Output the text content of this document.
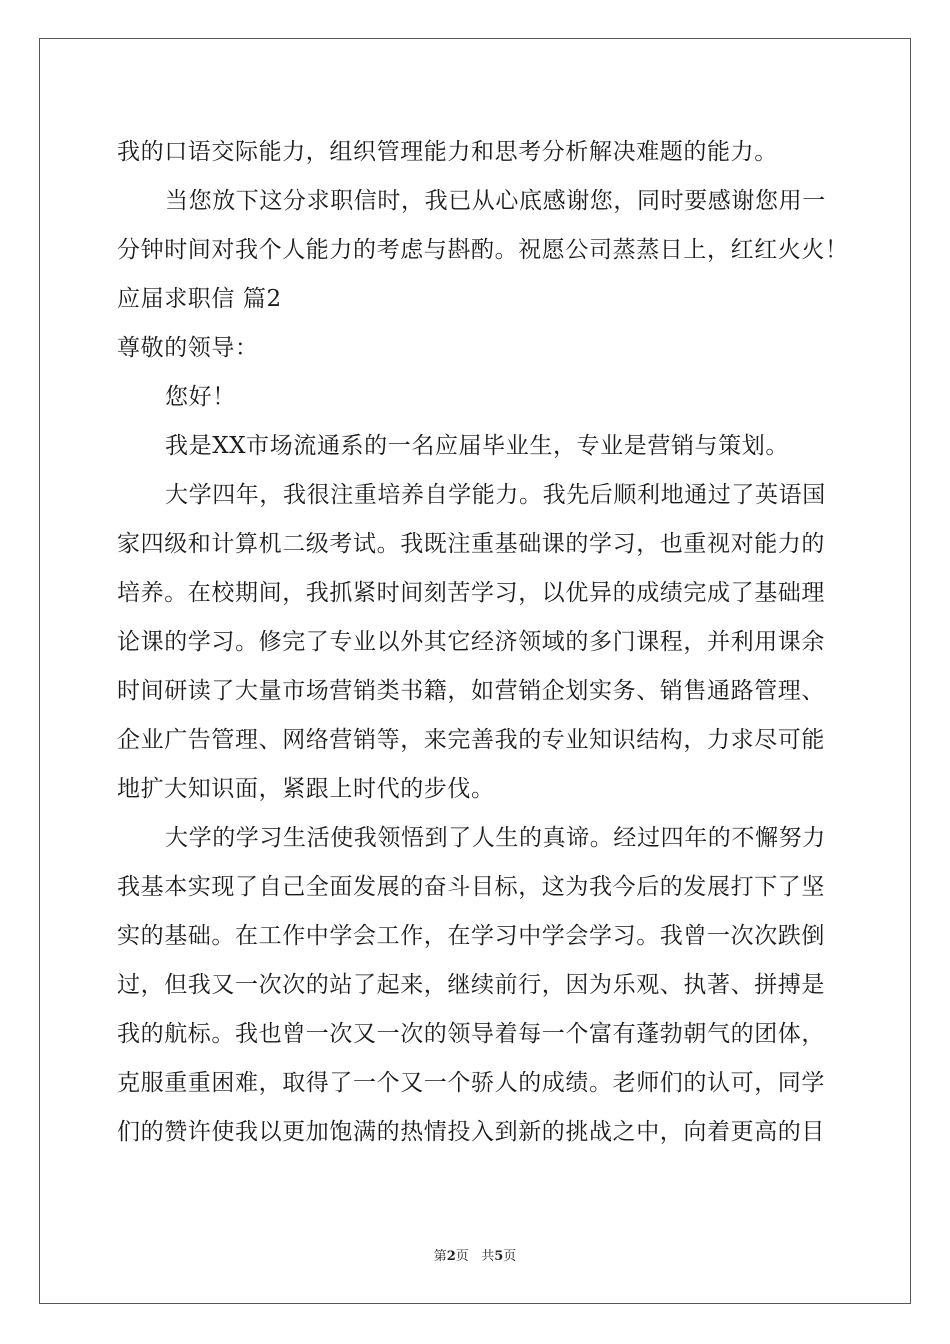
我的口语交际能力，组织管理能力和思考分析解决难题的能力。
当您放下这分求职信时，我已从心底感谢您，同时要感谢您用一
分钟时间对我个人能力的考虑与斟酌。祝愿公司蒸蒸日上，红红火火！
应届求职信 篇2
尊敬的领导：
您好！
我是XX市场流通系的一名应届毕业生，专业是营销与策划。
大学四年，我很注重培养自学能力。我先后顺利地通过了英语国
家四级和计算机二级考试。我既注重基础课的学习，也重视对能力的
培养。在校期间，我抓紧时间刻苦学习，以优异的成绩完成了基础理
论课的学习。修完了专业以外其它经济领域的多门课程，并利用课余
时间研读了大量市场营销类书籍，如营销企划实务、销售通路管理、
企业广告管理、网络营销等，来完善我的专业知识结构，力求尽可能
地扩大知识面，紧跟上时代的步伐。
大学的学习生活使我领悟到了人生的真谛。经过四年的不懈努力
我基本实现了自己全面发展的奋斗目标，这为我今后的发展打下了坚
实的基础。在工作中学会工作，在学习中学会学习。我曾一次次跌倒
过，但我又一次次的站了起来，继续前行，因为乐观、执著、拼搏是
我的航标。我也曾一次又一次的领导着每一个富有蓬勃朝气的团体，
克服重重困难，取得了一个又一个骄人的成绩。老师们的认可，同学
们的赞许使我以更加饱满的热情投入到新的挑战之中，向着更高的目
第2页 共5页
